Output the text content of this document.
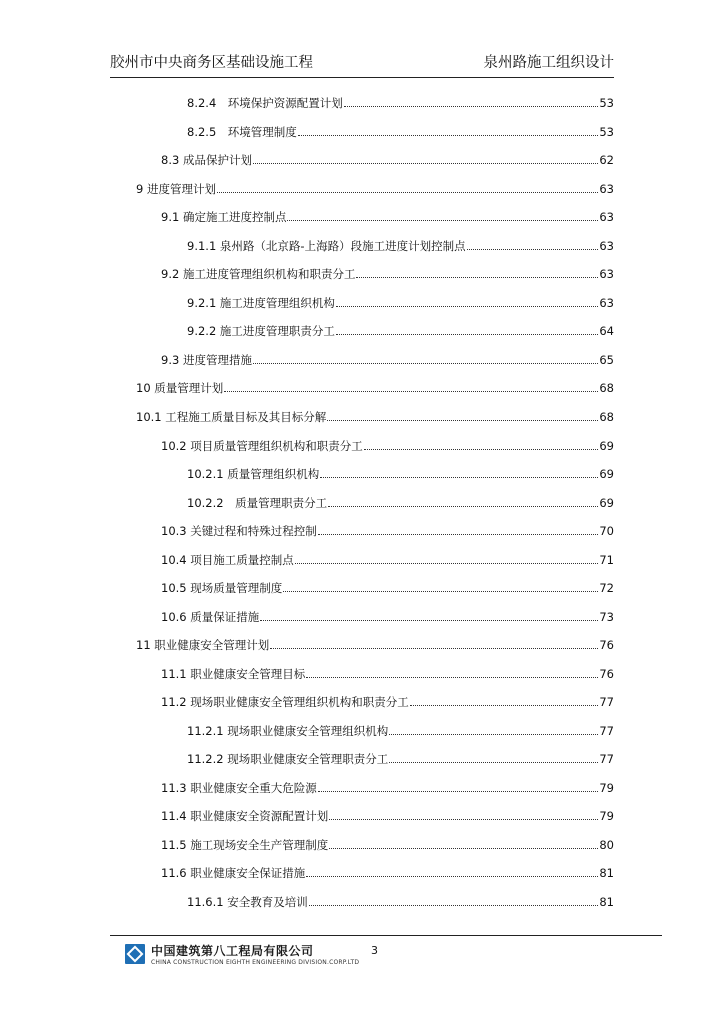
胶州市中央商务区基础设施工程	泉州路施工组织设计
8.2.4　环境保护资源配置计划	53
8.2.5　环境管理制度	53
8.3 成品保护计划	62
9 进度管理计划	63
9.1 确定施工进度控制点	63
9.1.1 泉州路（北京路-上海路）段施工进度计划控制点	63
9.2 施工进度管理组织机构和职责分工	63
9.2.1 施工进度管理组织机构	63
9.2.2 施工进度管理职责分工	64
9.3 进度管理措施	65
10 质量管理计划	68
10.1 工程施工质量目标及其目标分解	68
10.2 项目质量管理组织机构和职责分工	69
10.2.1 质量管理组织机构	69
10.2.2　质量管理职责分工	69
10.3 关键过程和特殊过程控制	70
10.4 项目施工质量控制点	71
10.5 现场质量管理制度	72
10.6 质量保证措施	73
11 职业健康安全管理计划	76
11.1 职业健康安全管理目标	76
11.2 现场职业健康安全管理组织机构和职责分工	77
11.2.1 现场职业健康安全管理组织机构	77
11.2.2 现场职业健康安全管理职责分工	77
11.3 职业健康安全重大危险源	79
11.4 职业健康安全资源配置计划	79
11.5 施工现场安全生产管理制度	80
11.6 职业健康安全保证措施	81
11.6.1 安全教育及培训	81
中国建筑第八工程局有限公司
CHINA CONSTRUCTION EIGHTH ENGINEERING DIVISION.CORP.LTD
3
